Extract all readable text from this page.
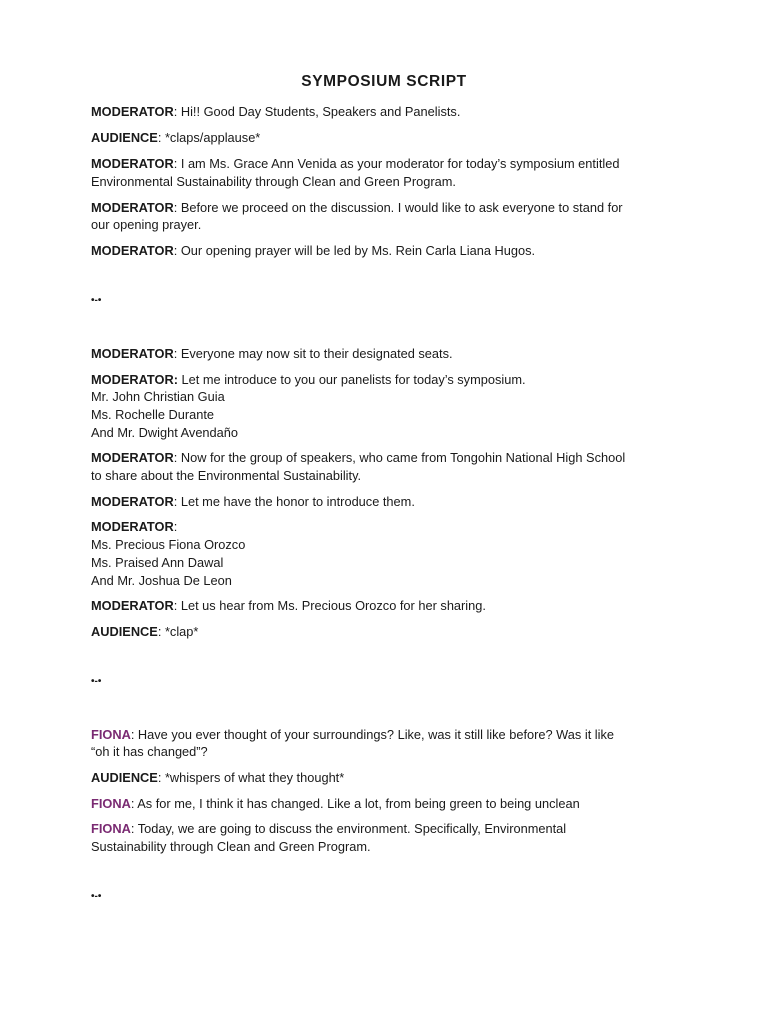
SYMPOSIUM SCRIPT
MODERATOR: Hi!! Good Day Students, Speakers and Panelists.
AUDIENCE: *claps/applause*
MODERATOR: I am Ms. Grace Ann Venida as your moderator for today’s symposium entitled
Environmental Sustainability through Clean and Green Program.
MODERATOR: Before we proceed on the discussion. I would like to ask everyone to stand for
our opening prayer.
MODERATOR: Our opening prayer will be led by Ms. Rein Carla Liana Hugos.
•-•
MODERATOR: Everyone may now sit to their designated seats.
MODERATOR: Let me introduce to you our panelists for today’s symposium.
Mr. John Christian Guia
Ms. Rochelle Durante
And Mr. Dwight Avendaño
MODERATOR: Now for the group of speakers, who came from Tongohin National High School
to share about the Environmental Sustainability.
MODERATOR: Let me have the honor to introduce them.
MODERATOR:
Ms. Precious Fiona Orozco
Ms. Praised Ann Dawal
And Mr. Joshua De Leon
MODERATOR: Let us hear from Ms. Precious Orozco for her sharing.
AUDIENCE: *clap*
•-•
FIONA: Have you ever thought of your surroundings? Like, was it still like before? Was it like
“oh it has changed”?
AUDIENCE: *whispers of what they thought*
FIONA: As for me, I think it has changed. Like a lot, from being green to being unclean
FIONA: Today, we are going to discuss the environment. Specifically, Environmental
Sustainability through Clean and Green Program.
•-•
